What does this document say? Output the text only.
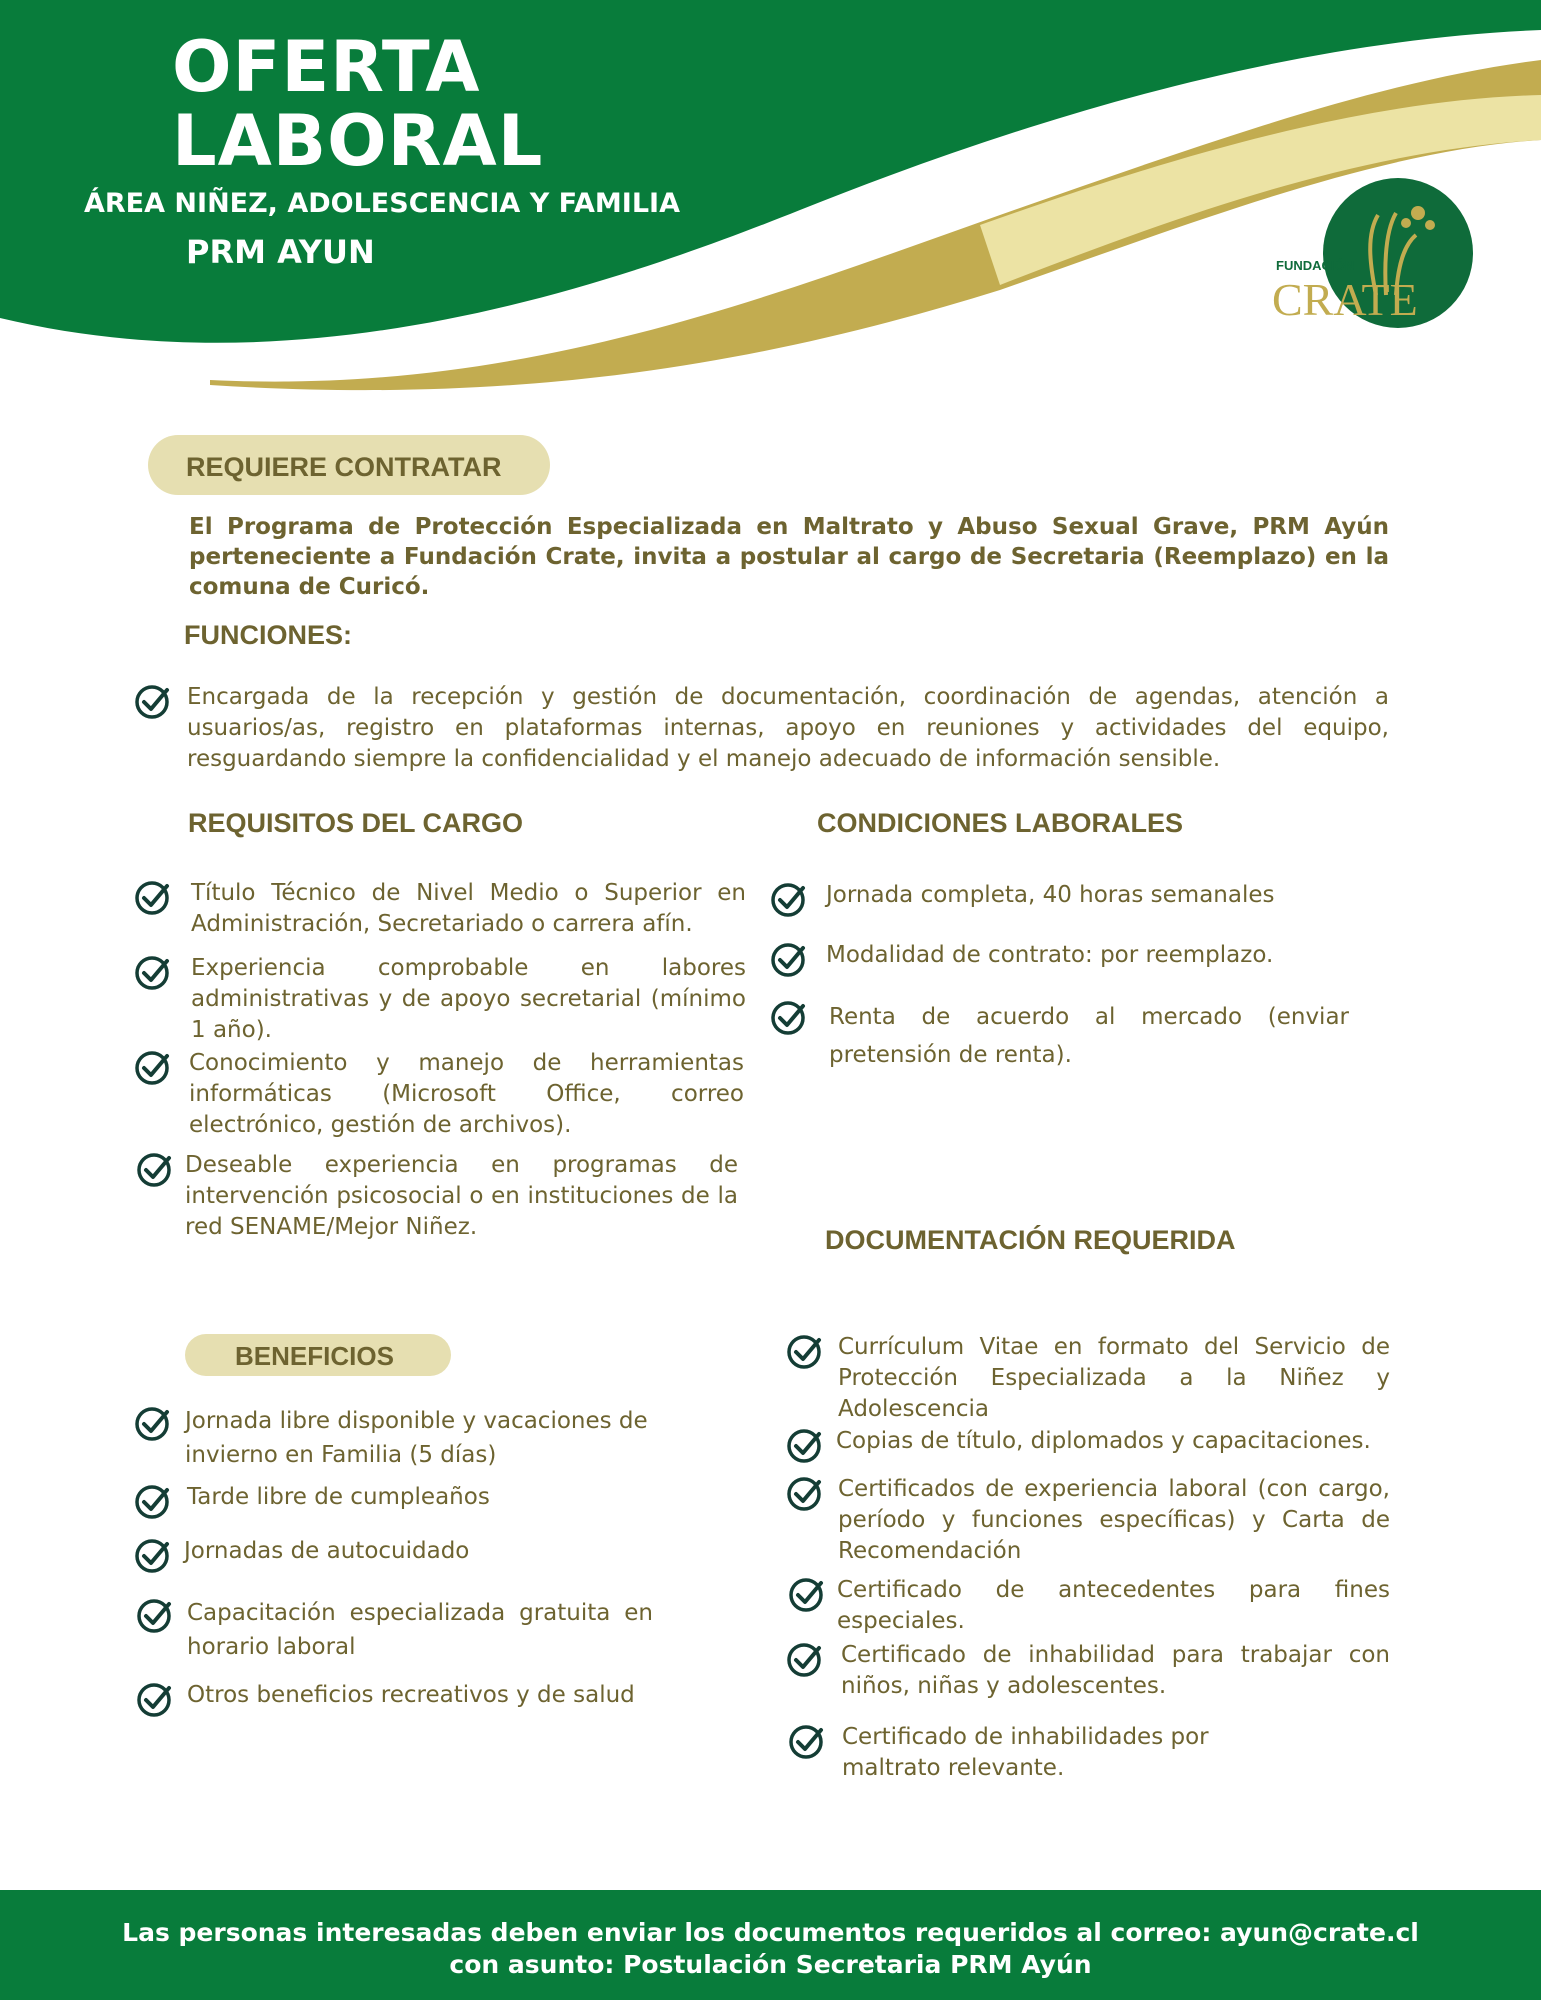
OFERTA
LABORAL
ÁREA NIÑEZ, ADOLESCENCIA Y FAMILIA
PRM AYUN	FUNDACIÓN
CRATE
REQUIERE CONTRATAR
El Programa de Protección Especializada en Maltrato y Abuso Sexual Grave, PRM Ayún perteneciente a Fundación Crate, invita a postular al cargo de Secretaria (Reemplazo) en la comuna de Curicó.
FUNCIONES:
Encargada de la recepción y gestión de documentación, coordinación de agendas, atención a usuarios/as, registro en plataformas internas, apoyo en reuniones y actividades del equipo, resguardando siempre la confidencialidad y el manejo adecuado de información sensible.
REQUISITOS DEL CARGO
Título Técnico de Nivel Medio o Superior en Administración, Secretariado o carrera afín.
Experiencia comprobable en labores administrativas y de apoyo secretarial (mínimo 1 año).
Conocimiento y manejo de herramientas informáticas (Microsoft Office, correo electrónico, gestión de archivos).
Deseable experiencia en programas de intervención psicosocial o en instituciones de la red SENAME/Mejor Niñez.
CONDICIONES LABORALES
Jornada completa, 40 horas semanales
Modalidad de contrato: por reemplazo.
Renta de acuerdo al mercado (enviar pretensión de renta).
DOCUMENTACIÓN REQUERIDA
Currículum Vitae en formato del Servicio de Protección Especializada a la Niñez y Adolescencia
Copias de título, diplomados y capacitaciones.
Certificados de experiencia laboral (con cargo, período y funciones específicas) y Carta de Recomendación
Certificado de antecedentes para fines especiales.
Certificado de inhabilidad para trabajar con niños, niñas y adolescentes.
Certificado de inhabilidades por maltrato relevante.
BENEFICIOS
Jornada libre disponible y vacaciones de invierno en Familia (5 días)
Tarde libre de cumpleaños
Jornadas de autocuidado
Capacitación especializada gratuita en horario laboral
Otros beneficios recreativos y de salud
Las personas interesadas deben enviar los documentos requeridos al correo: ayun@crate.cl
con asunto: Postulación Secretaria PRM Ayún
